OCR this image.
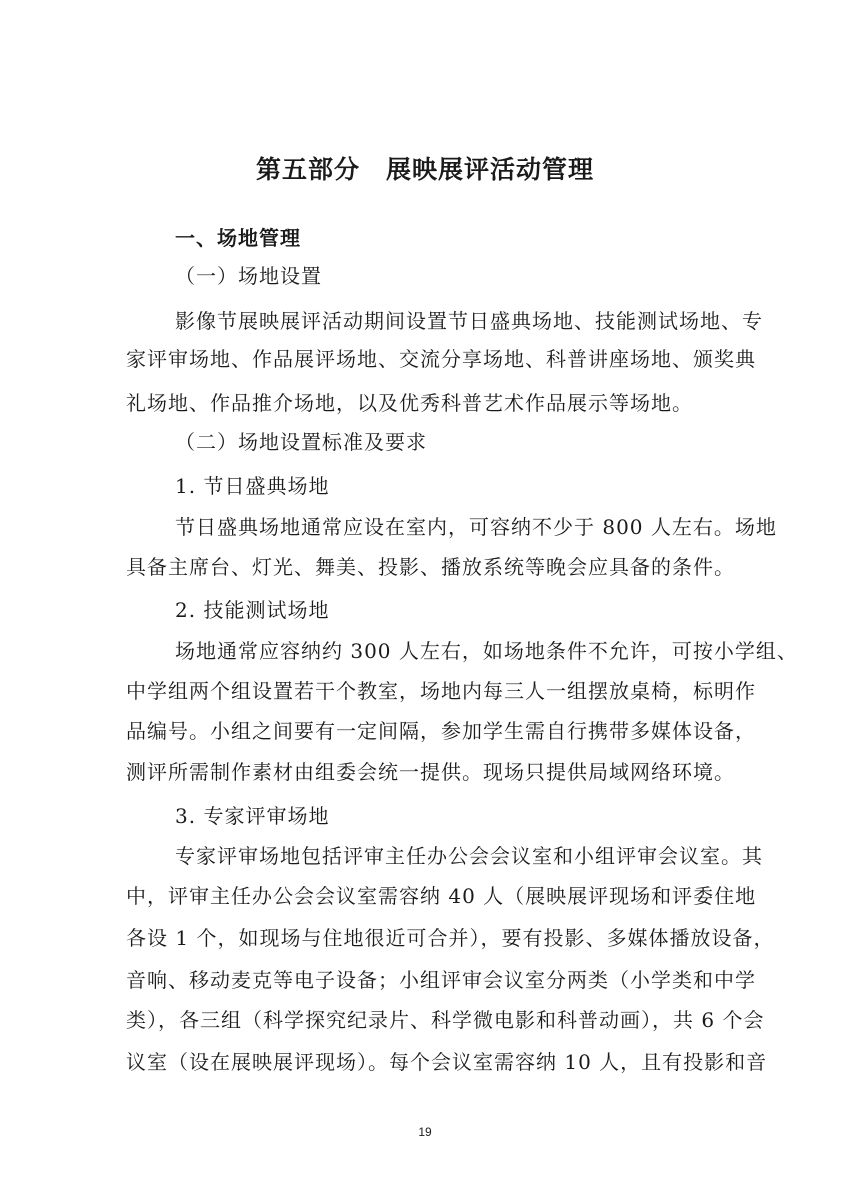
第五部分　展映展评活动管理
一、场地管理
（一）场地设置
影像节展映展评活动期间设置节日盛典场地、技能测试场地、专
家评审场地、作品展评场地、交流分享场地、科普讲座场地、颁奖典
礼场地、作品推介场地，以及优秀科普艺术作品展示等场地。
（二）场地设置标准及要求
1. 节日盛典场地
节日盛典场地通常应设在室内，可容纳不少于 800 人左右。场地
具备主席台、灯光、舞美、投影、播放系统等晚会应具备的条件。
2. 技能测试场地
场地通常应容纳约 300 人左右，如场地条件不允许，可按小学组、
中学组两个组设置若干个教室，场地内每三人一组摆放桌椅，标明作
品编号。小组之间要有一定间隔，参加学生需自行携带多媒体设备，
测评所需制作素材由组委会统一提供。现场只提供局域网络环境。
3. 专家评审场地
专家评审场地包括评审主任办公会会议室和小组评审会议室。其
中，评审主任办公会会议室需容纳 40 人（展映展评现场和评委住地
各设 1 个，如现场与住地很近可合并），要有投影、多媒体播放设备，
音响、移动麦克等电子设备；小组评审会议室分两类（小学类和中学
类），各三组（科学探究纪录片、科学微电影和科普动画），共 6 个会
议室（设在展映展评现场）。每个会议室需容纳 10 人，且有投影和音
19
